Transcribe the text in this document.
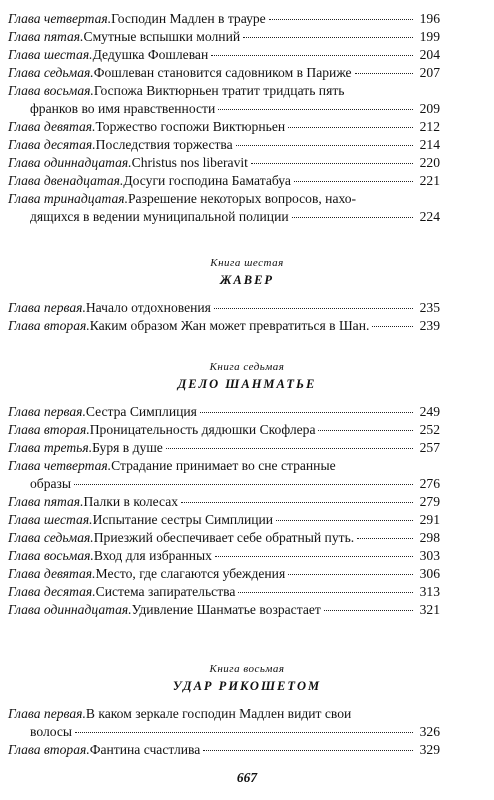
Глава четвертая. Господин Мадлен в трауре	196
Глава пятая. Смутные вспышки молний	199
Глава шестая. Дедушка Фошлеван	204
Глава седьмая. Фошлеван становится садовником в Париже	207
Глава восьмая. Госпожа Виктюрньен тратит тридцать пять
франков во имя нравственности	209
Глава девятая. Торжество госпожи Виктюрньен	212
Глава десятая. Последствия торжества	214
Глава одиннадцатая. Christus nos liberavit	220
Глава двенадцатая. Досуги господина Баматабуа	221
Глава тринадцатая. Разрешение некоторых вопросов, нахо-
дящихся в ведении муниципальной полиции	224
Книга шестая
ЖАВЕР
Глава первая. Начало отдохновения	235
Глава вторая. Каким образом Жан может превратиться в Шан.	239
Книга седьмая
ДЕЛО ШАНМАТЬЕ
Глава первая. Сестра Симплиция	249
Глава вторая. Проницательность дядюшки Скофлера	252
Глава третья. Буря в душе	257
Глава четвертая. Страдание принимает во сне странные
образы	276
Глава пятая. Палки в колесах	279
Глава шестая. Испытание сестры Симплиции	291
Глава седьмая. Приезжий обеспечивает себе обратный путь.	298
Глава восьмая. Вход для избранных	303
Глава девятая. Место, где слагаются убеждения	306
Глава десятая. Система запирательства	313
Глава одиннадцатая. Удивление Шанматье возрастает	321
Книга восьмая
УДАР РИКОШЕТОМ
Глава первая. В каком зеркале господин Мадлен видит свои
волосы	326
Глава вторая. Фантина счастлива	329
667
